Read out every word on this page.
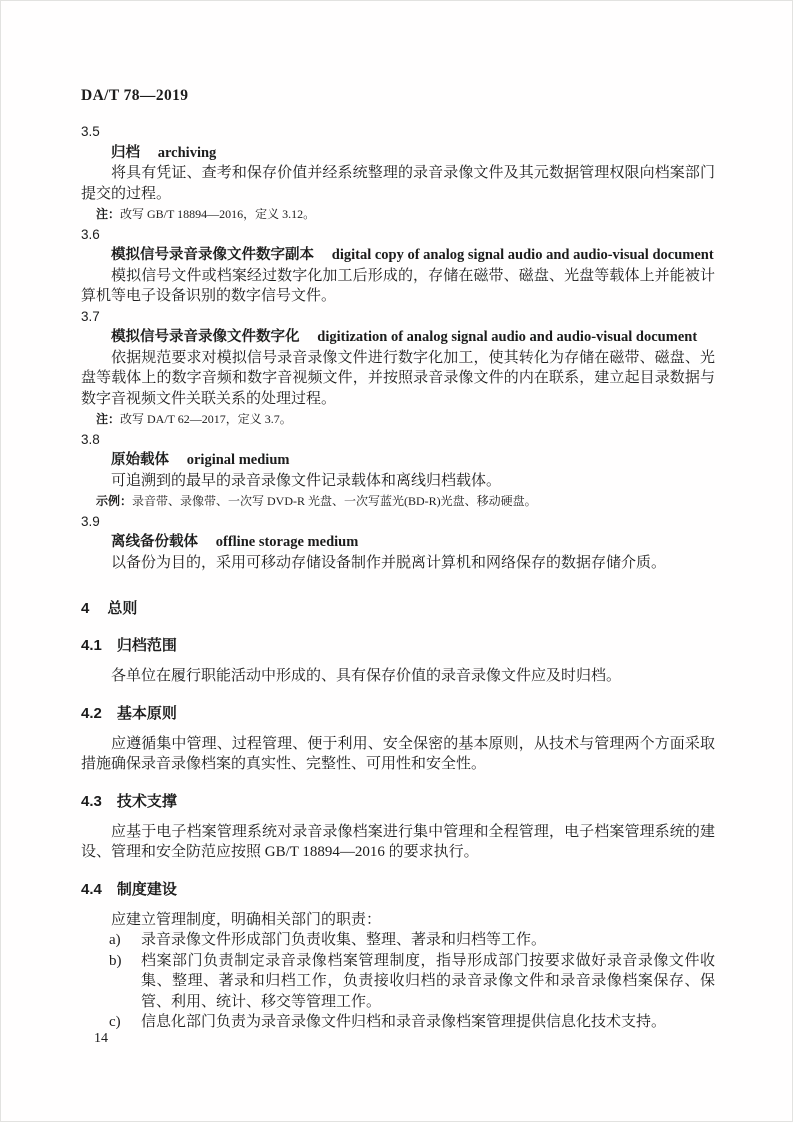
DA/T 78—2019
3.5
归档 archiving

将具有凭证、查考和保存价值并经系统整理的录音录像文件及其元数据管理权限向档案部门提交的过程。

注：改写 GB/T 18894—2016，定义 3.12。
3.6
模拟信号录音录像文件数字副本 digital copy of analog signal audio and audio-visual document

模拟信号文件或档案经过数字化加工后形成的，存储在磁带、磁盘、光盘等载体上并能被计算机等电子设备识别的数字信号文件。

3.7
模拟信号录音录像文件数字化 digitization of analog signal audio and audio-visual document

依据规范要求对模拟信号录音录像文件进行数字化加工，使其转化为存储在磁带、磁盘、光盘等载体上的数字音频和数字音视频文件，并按照录音录像文件的内在联系，建立起目录数据与数字音视频文件关联关系的处理过程。

注：改写 DA/T 62—2017，定义 3.7。
3.8
原始载体 original medium

可追溯到的最早的录音录像文件记录载体和离线归档载体。

示例：录音带、录像带、一次写 DVD-R 光盘、一次写蓝光(BD-R)光盘、移动硬盘。
3.9
离线备份载体 offline storage medium

以备份为目的，采用可移动存储设备制作并脱离计算机和网络保存的数据存储介质。

4 总则
4.1 归档范围

各单位在履行职能活动中形成的、具有保存价值的录音录像文件应及时归档。

4.2 基本原则

应遵循集中管理、过程管理、便于利用、安全保密的基本原则，从技术与管理两个方面采取措施确保录音录像档案的真实性、完整性、可用性和安全性。

4.3 技术支撑

应基于电子档案管理系统对录音录像档案进行集中管理和全程管理，电子档案管理系统的建设、管理和安全防范应按照 GB/T 18894—2016 的要求执行。

4.4 制度建设

应建立管理制度，明确相关部门的职责：

a) 录音录像文件形成部门负责收集、整理、著录和归档等工作。
b) 档案部门负责制定录音录像档案管理制度，指导形成部门按要求做好录音录像文件收集、整理、著录和归档工作，负责接收归档的录音录像文件和录音录像档案保存、保管、利用、统计、移交等管理工作。
c) 信息化部门负责为录音录像文件归档和录音录像档案管理提供信息化技术支持。
14
